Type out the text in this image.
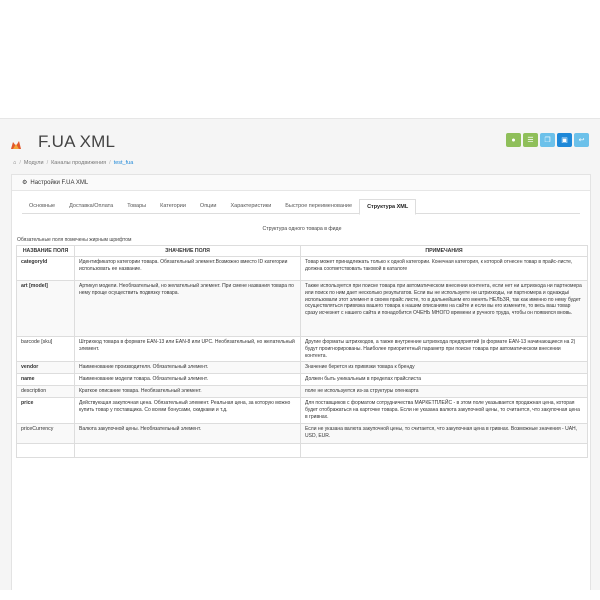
F.UA XML	● ☰ ❐ ▣ ↩
⌂ / Модули / Каналы продвижения / test_fua
⚙ Настройки F.UA XML
Основные	Доставка/Оплата	Товары	Категории	Опции	Характеристики	Быстрое переименование	Структура XML
Структура одного товара в фиде
Обязательные поля помечены жирным шрифтом
НАЗВАНИЕ ПОЛЯ	ЗНАЧЕНИЕ ПОЛЯ	ПРИМЕЧАНИЯ
categoryId	Идентификатор категории товара. Обязательный элемент.Возможно вместо ID категории использовать ее название.	Товар может принадлежать только к одной категории. Конечная категория, к которой отнесен товар в прайс-листе, должна соответствовать таковой в каталоге
art [model]	Артикул модели. Необязательный, но желательный элемент. При смене названия товара по нему проще осуществить подвязку товара.	Также используется при поиске товара при автоматическом внесении контента, если нет ни штрихкода ни партномера или поиск по ним дает несколько результатов. Если вы не используете ни штрихкоды, ни партномера и однаждыі использовали этот элемент в своем прайс листе, то в дальнейшем его менять НЕЛЬЗЯ, так как именно по нему будет осуществляться привязка вашего товара к нашим описаниям на сайте и если вы его измените, то весь ваш товар сразу исчезнет с нашего сайта и понадобится ОЧЕНЬ МНОГО времени и ручного труда, чтобы он появился вновь.
barcode [sku]	Штрихкод товара в формате EAN-13 или EAN-8 или UPC. Необязательный, но желательный элемент.	Другие форматы штрихкодов, а также внутренние штрихкода предприятий (в формате EAN-13 начинающиеся на 2) будут проигнорированы. Наиболее приоритетный параметр при поиске товара при автоматическом внесении контента.
vendor	Наименование производителя. Обязательный элемент.	Значение берется из привязки товара к бренду
name	Наименование модели товара. Обязательный элемент.	Должен быть уникальным в пределах прайслиста
description	Краткое описание товара. Необязательный элемент.	поле не используется из-за структуры опенкарта
price	Действующая закупочная цена. Обязательный элемент. Реальная цена, за которую можно купить товар у поставщика. Со всеми бонусами, скидками и т.д.	Для поставщиков с форматом сотрудничества МАРКЕТПЛЕЙС - в этом поле указывается продажная цена, которая будет отображаться на карточке товара. Если не указана валюта закупочной цены, то считается, что закупочная цена в гривнах.
priceCurrency	Валюта закупочной цены. Необязательный элемент.	Если не указана валюта закупочной цены, то считается, что закупочная цена в гривнах. Возможные значения - UAH, USD, EUR.
